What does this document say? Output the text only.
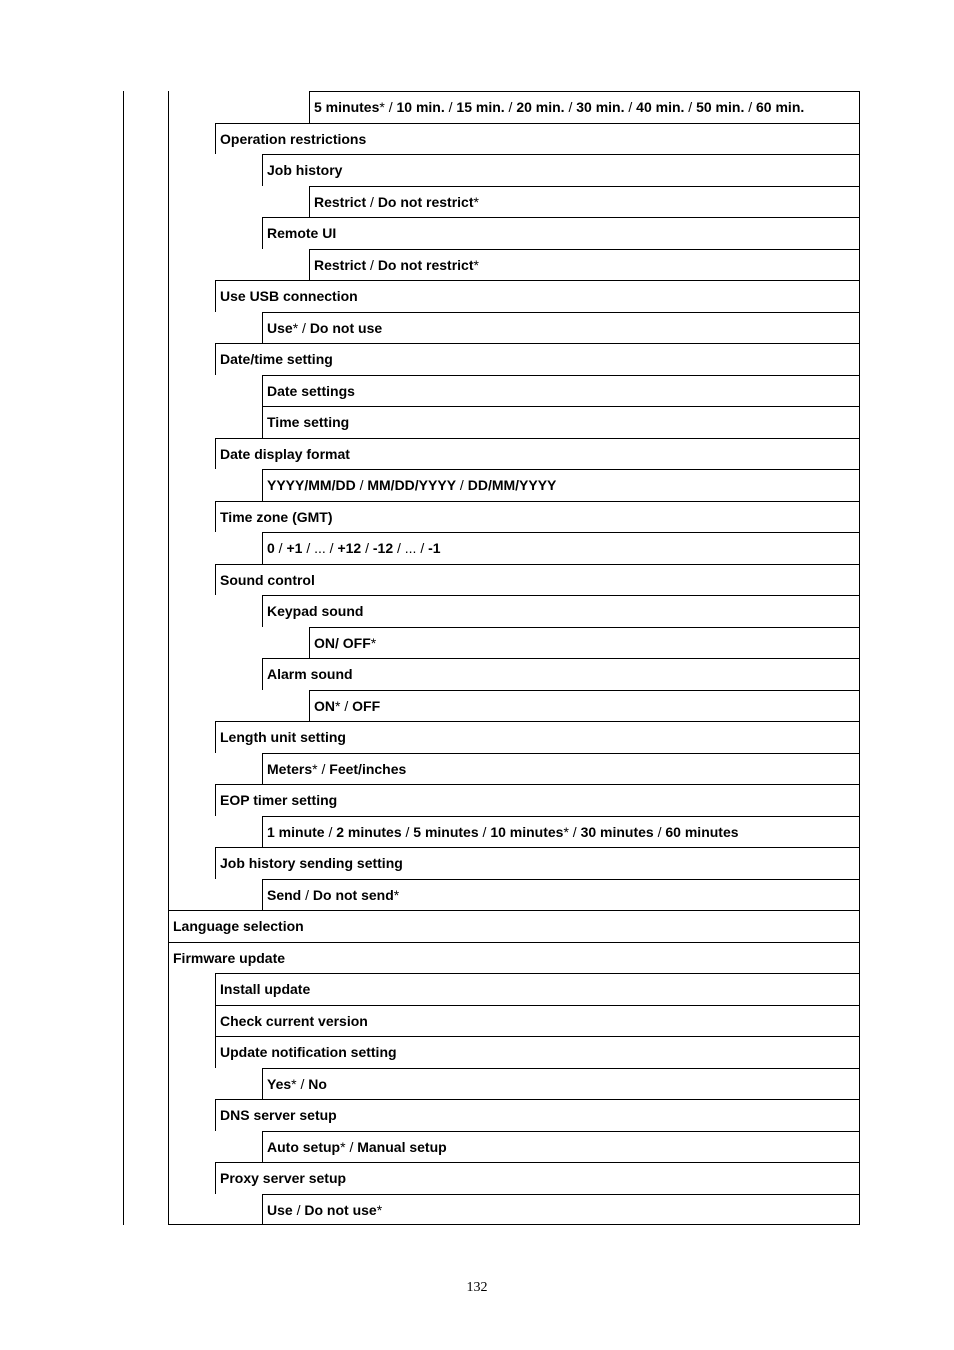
5 minutes* / 10 min. / 15 min. / 20 min. / 30 min. / 40 min. / 50 min. / 60 min.
Operation restrictions
Job history
Restrict / Do not restrict*
Remote UI
Restrict / Do not restrict*
Use USB connection
Use* / Do not use
Date/time setting
Date settings
Time setting
Date display format
YYYY/MM/DD / MM/DD/YYYY / DD/MM/YYYY
Time zone (GMT)
0 / +1 / ... / +12 / -12 / ... / -1
Sound control
Keypad sound
ON/ OFF*
Alarm sound
ON* / OFF
Length unit setting
Meters* / Feet/inches
EOP timer setting
1 minute / 2 minutes / 5 minutes / 10 minutes* / 30 minutes / 60 minutes
Job history sending setting
Send / Do not send*
Language selection
Firmware update
Install update
Check current version
Update notification setting
Yes* / No
DNS server setup
Auto setup* / Manual setup
Proxy server setup
Use / Do not use*
132
